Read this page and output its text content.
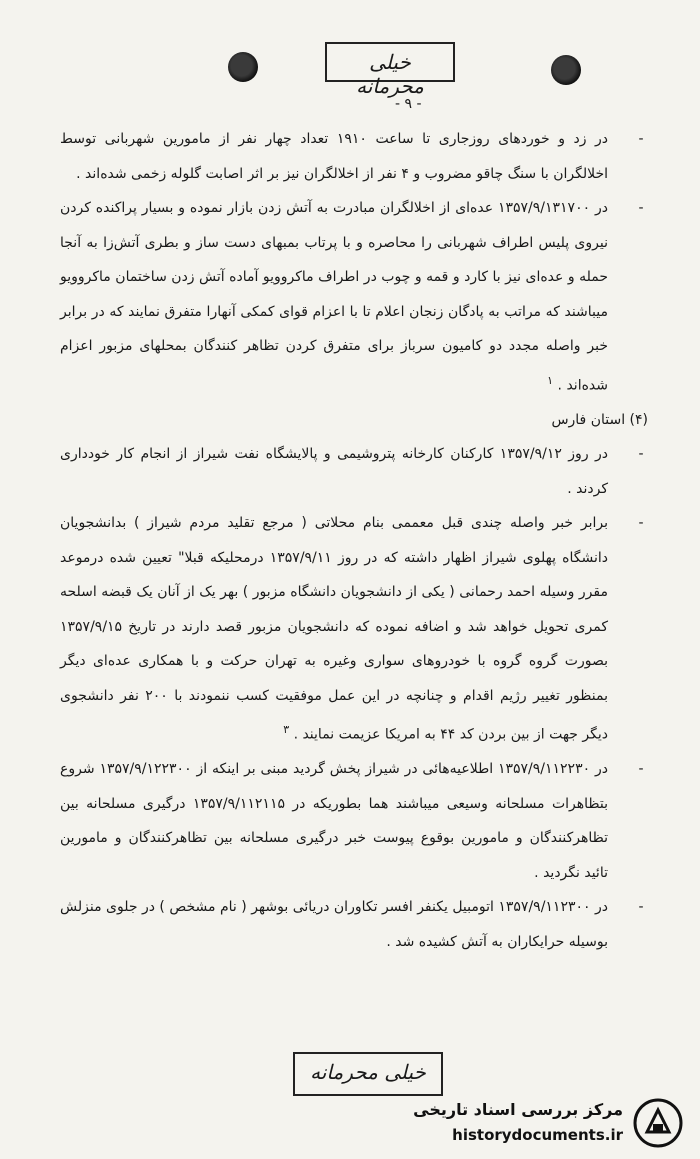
خیلی محرمانه
- ۹ -
-

در زد و خوردهای روزجاری تا ساعت ۱۹۱۰ تعداد چهار نفر از مامورین شهربانی توسط اخلالگران با سنگ چاقو مضروب و ۴ نفر از اخلالگران نیز بر اثر اصابت گلوله زخمی شده‌اند .

-

در ۱۳۵۷/۹/۱۳۱۷۰۰ عده‌ای از اخلالگران مبادرت به آتش زدن بازار نموده و بسیار پراکنده کردن نیروی پلیس اطراف شهربانی را محاصره و با پرتاب بمبهای دست ساز و بطری آتش‌زا به آنجا حمله و عده‌ای نیز با کارد و قمه و چوب در اطراف ماکروویو آماده آتش زدن ساختمان ماکروویو میباشند که مراتب به پادگان زنجان اعلام تا با اعزام قوای کمکی آنهارا متفرق نمایند که در برابر خبر واصله مجدد دو کامیون سرباز برای متفرق کردن تظاهر کنندگان بمحلهای مزبور اعزام شده‌اند . $^۱$

(۴) استان فارس

-

در روز ۱۳۵۷/۹/۱۲ کارکنان کارخانه پتروشیمی و پالایشگاه نفت شیراز از انجام کار خودداری کردند .

-

برابر خبر واصله چندی قبل معممی بنام محلاتی ( مرجع تقلید مردم شیراز ) بدانشجویان دانشگاه پهلوی شیراز اظهار داشته که در روز ۱۳۵۷/۹/۱۱ درمحلیکه قبلا" تعیین شده درموعد مقرر وسیله احمد رحمانی ( یکی از دانشجویان دانشگاه مزبور ) بهر یک از آنان یک قبضه اسلحه کمری تحویل خواهد شد و اضافه نموده که دانشجویان مزبور قصد دارند در تاریخ ۱۳۵۷/۹/۱۵ بصورت گروه گروه با خودروهای سواری وغیره به تهران حرکت و با همکاری عده‌ای دیگر بمنظور تغییر رژیم اقدام و چنانچه در این عمل موفقیت کسب ننمودند با ۲۰۰ نفر دانشجوی دیگر جهت از بین بردن کد ۴۴ به امریکا عزیمت نمایند . $^۳$

-

در ۱۳۵۷/۹/۱۱۲۲۳۰ اطلاعیه‌هائی در شیراز پخش گردید مبنی بر اینکه از ۱۳۵۷/۹/۱۲۲۳۰۰ شروع بتظاهرات مسلحانه وسیعی میباشند هما بطوریکه در ۱۳۵۷/۹/۱۱۲۱۱۵ درگیری مسلحانه بین تظاهرکنندگان و مامورین بوقوع پیوست خبر درگیری مسلحانه بین تظاهرکنندگان و مامورین تائید نگردید .

-

در ۱۳۵۷/۹/۱۱۲۳۰۰ اتومبیل یکنفر افسر تکاوران دریائی بوشهر ( نام مشخص ) در جلوی منزلش بوسیله حرایکاران به آتش کشیده شد .

خیلی محرمانه
مرکز بررسی اسناد تاریخی
historydocuments.ir
